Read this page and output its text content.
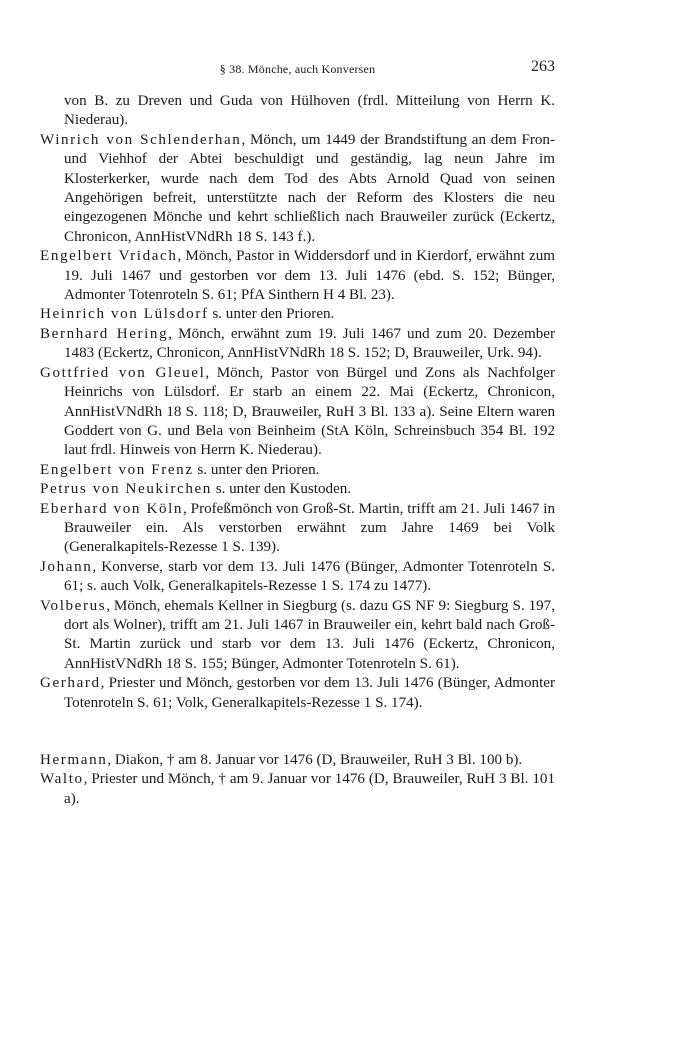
§ 38. Mönche, auch Konversen	263

von B. zu Dreven und Guda von Hülhoven (frdl. Mitteilung von Herrn K. Niederau).

Winrich von Schlenderhan, Mönch, um 1449 der Brandstiftung an dem Fron- und Viehhof der Abtei beschuldigt und geständig, lag neun Jahre im Klosterkerker, wurde nach dem Tod des Abts Arnold Quad von seinen Angehörigen befreit, unterstützte nach der Reform des Klosters die neu eingezogenen Mönche und kehrt schließlich nach Brauweiler zurück (Eckertz, Chronicon, AnnHistVNdRh 18 S. 143 f.).

Engelbert Vridach, Mönch, Pastor in Widdersdorf und in Kierdorf, erwähnt zum 19. Juli 1467 und gestorben vor dem 13. Juli 1476 (ebd. S. 152; Bünger, Admonter Totenroteln S. 61; PfA Sinthern H 4 Bl. 23).

Heinrich von Lülsdorf s. unter den Prioren.

Bernhard Hering, Mönch, erwähnt zum 19. Juli 1467 und zum 20. Dezember 1483 (Eckertz, Chronicon, AnnHistVNdRh 18 S. 152; D, Brauweiler, Urk. 94).

Gottfried von Gleuel, Mönch, Pastor von Bürgel und Zons als Nachfolger Heinrichs von Lülsdorf. Er starb an einem 22. Mai (Eckertz, Chronicon, AnnHistVNdRh 18 S. 118; D, Brauweiler, RuH 3 Bl. 133 a). Seine Eltern waren Goddert von G. und Bela von Beinheim (StA Köln, Schreinsbuch 354 Bl. 192 laut frdl. Hinweis von Herrn K. Niederau).

Engelbert von Frenz s. unter den Prioren.

Petrus von Neukirchen s. unter den Kustoden.

Eberhard von Köln, Profeßmönch von Groß-St. Martin, trifft am 21. Juli 1467 in Brauweiler ein. Als verstorben erwähnt zum Jahre 1469 bei Volk (Generalkapitels-Rezesse 1 S. 139).

Johann, Konverse, starb vor dem 13. Juli 1476 (Bünger, Admonter Totenroteln S. 61; s. auch Volk, Generalkapitels-Rezesse 1 S. 174 zu 1477).

Volberus, Mönch, ehemals Kellner in Siegburg (s. dazu GS NF 9: Siegburg S. 197, dort als Wolner), trifft am 21. Juli 1467 in Brauweiler ein, kehrt bald nach Groß-St. Martin zurück und starb vor dem 13. Juli 1476 (Eckertz, Chronicon, AnnHistVNdRh 18 S. 155; Bünger, Admonter Totenroteln S. 61).

Gerhard, Priester und Mönch, gestorben vor dem 13. Juli 1476 (Bünger, Admonter Totenroteln S. 61; Volk, Generalkapitels-Rezesse 1 S. 174).

Hermann, Diakon, † am 8. Januar vor 1476 (D, Brauweiler, RuH 3 Bl. 100 b).

Walto, Priester und Mönch, † am 9. Januar vor 1476 (D, Brauweiler, RuH 3 Bl. 101 a).
